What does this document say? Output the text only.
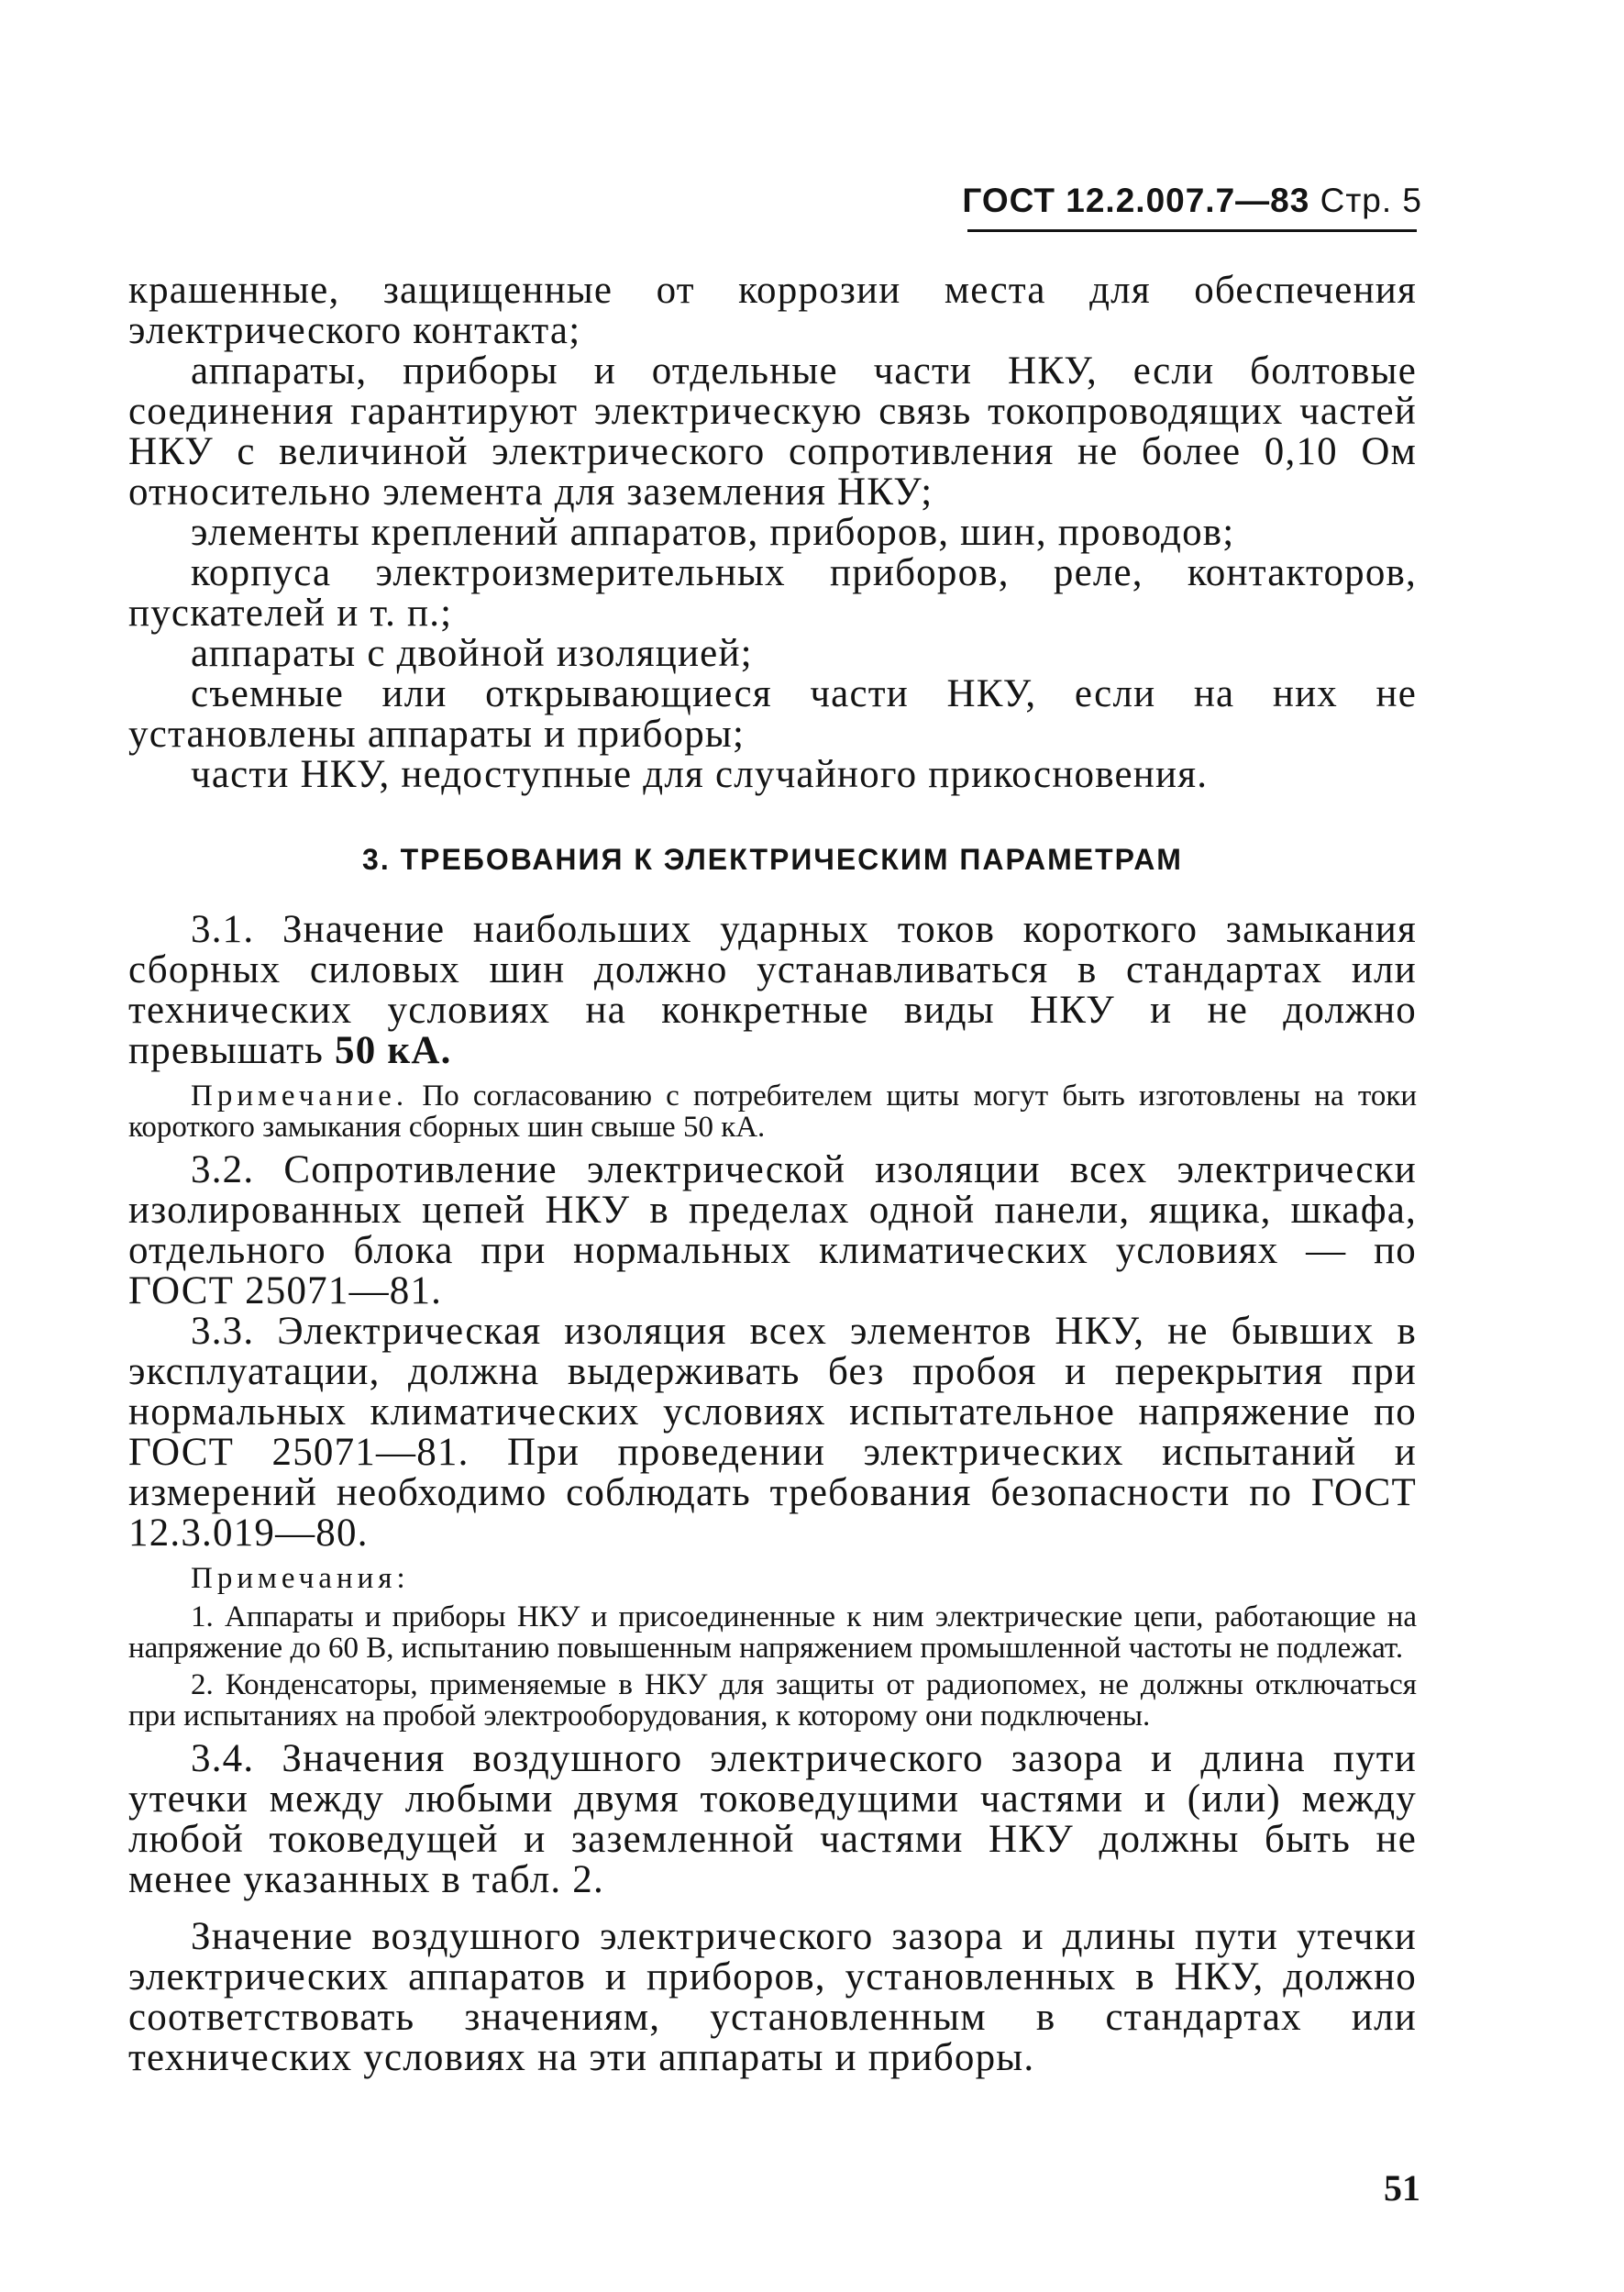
ГОСТ 12.2.007.7—83 Стр. 5

крашенные, защищенные от коррозии места для обеспечения электрического контакта;

аппараты, приборы и отдельные части НКУ, если болтовые соединения гарантируют электрическую связь токопроводящих частей НКУ с величиной электрического сопротивления не более 0,10 Ом относительно элемента для заземления НКУ;

элементы креплений аппаратов, приборов, шин, проводов;

корпуса электроизмерительных приборов, реле, контакторов, пускателей и т. п.;

аппараты с двойной изоляцией;

съемные или открывающиеся части НКУ, если на них не установлены аппараты и приборы;

части НКУ, недоступные для случайного прикосновения.

3. ТРЕБОВАНИЯ К ЭЛЕКТРИЧЕСКИМ ПАРАМЕТРАМ

3.1. Значение наибольших ударных токов короткого замыкания сборных силовых шин должно устанавливаться в стандартах или технических условиях на конкретные виды НКУ и не должно превышать 50 кА.

Примечание. По согласованию с потребителем щиты могут быть изготовлены на токи короткого замыкания сборных шин свыше 50 кА.

3.2. Сопротивление электрической изоляции всех электрически изолированных цепей НКУ в пределах одной панели, ящика, шкафа, отдельного блока при нормальных климатических условиях — по ГОСТ 25071—81.

3.3. Электрическая изоляция всех элементов НКУ, не бывших в эксплуатации, должна выдерживать без пробоя и перекрытия при нормальных климатических условиях испытательное напряжение по ГОСТ 25071—81. При проведении электрических испытаний и измерений необходимо соблюдать требования безопасности по ГОСТ 12.3.019—80.

Примечания:

1. Аппараты и приборы НКУ и присоединенные к ним электрические цепи, работающие на напряжение до 60 В, испытанию повышенным напряжением промышленной частоты не подлежат.

2. Конденсаторы, применяемые в НКУ для защиты от радиопомех, не должны отключаться при испытаниях на пробой электрооборудования, к которому они подключены.

3.4. Значения воздушного электрического зазора и длина пути утечки между любыми двумя токоведущими частями и (или) между любой токоведущей и заземленной частями НКУ должны быть не менее указанных в табл. 2.

Значение воздушного электрического зазора и длины пути утечки электрических аппаратов и приборов, установленных в НКУ, должно соответствовать значениям, установленным в стандартах или технических условиях на эти аппараты и приборы.

51
